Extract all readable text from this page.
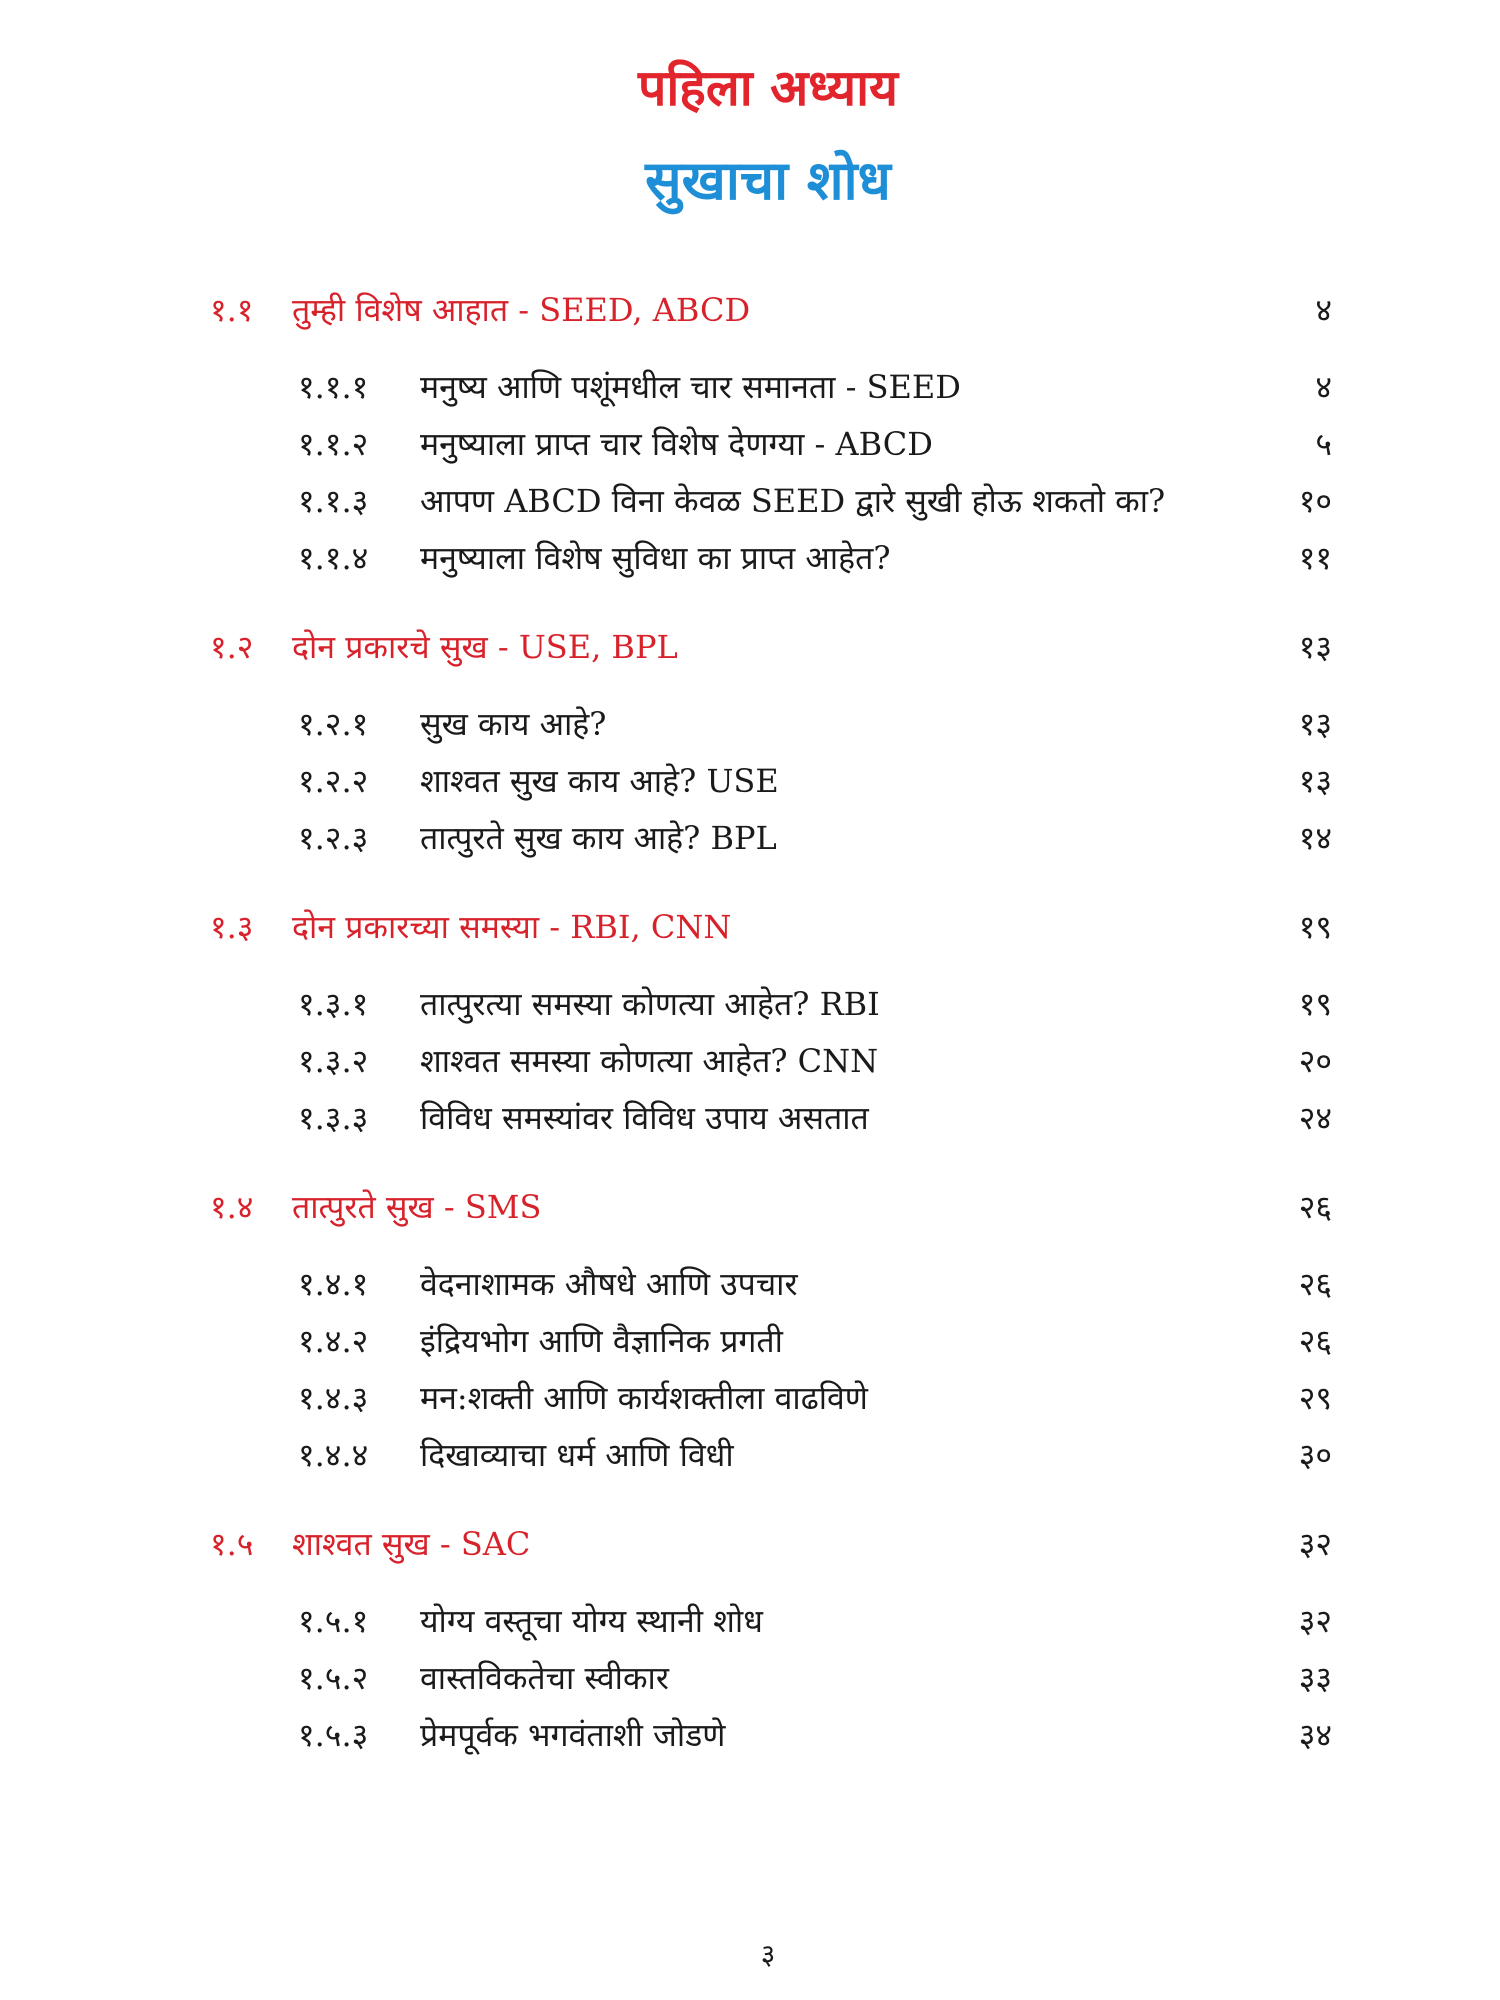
पहिला अध्याय
सुखाचा शोध
१.१ तुम्ही विशेष आहात - SEED, ABCD	४
१.१.१ मनुष्य आणि पशूंमधील चार समानता - SEED	४
१.१.२ मनुष्याला प्राप्त चार विशेष देणग्या - ABCD	५
१.१.३ आपण ABCD विना केवळ SEED द्वारे सुखी होऊ शकतो का?	१०
१.१.४ मनुष्याला विशेष सुविधा का प्राप्त आहेत?	११
१.२ दोन प्रकारचे सुख - USE, BPL	१३
१.२.१ सुख काय आहे?	१३
१.२.२ शाश्वत सुख काय आहे? USE	१३
१.२.३ तात्पुरते सुख काय आहे? BPL	१४
१.३ दोन प्रकारच्या समस्या - RBI, CNN	१९
१.३.१ तात्पुरत्या समस्या कोणत्या आहेत? RBI	१९
१.३.२ शाश्वत समस्या कोणत्या आहेत? CNN	२०
१.३.३ विविध समस्यांवर विविध उपाय असतात	२४
१.४ तात्पुरते सुख - SMS	२६
१.४.१ वेदनाशामक औषधे आणि उपचार	२६
१.४.२ इंद्रियभोग आणि वैज्ञानिक प्रगती	२६
१.४.३ मन:शक्ती आणि कार्यशक्तीला वाढविणे	२९
१.४.४ दिखाव्याचा धर्म आणि विधी	३०
१.५ शाश्वत सुख - SAC	३२
१.५.१ योग्य वस्तूचा योग्य स्थानी शोध	३२
१.५.२ वास्तविकतेचा स्वीकार	३३
१.५.३ प्रेमपूर्वक भगवंताशी जोडणे	३४
३
